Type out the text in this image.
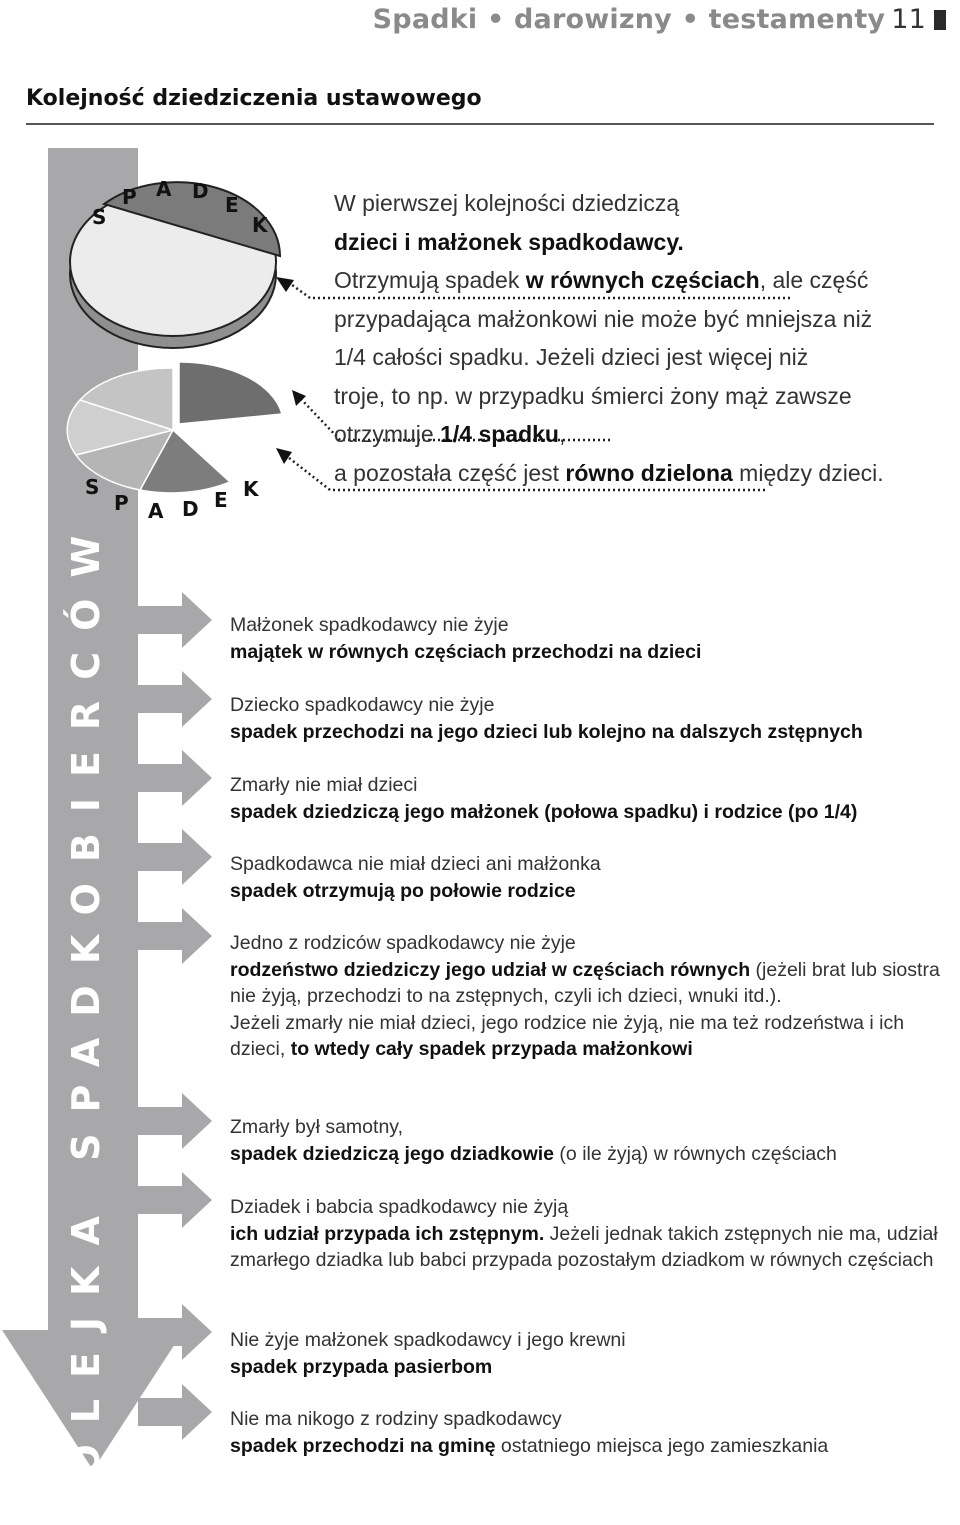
Spadki • darowizny • testamenty 11
Kolejność dziedziczenia ustawowego
S
P A D
E
K
S
P A D E K
KOLEJKA SPADKOBIERCÓW

W pierwszej kolejności dziedziczą

dzieci i małżonek spadkodawcy.

Otrzymują spadek w równych częściach, ale część

przypadająca małżonkowi nie może być mniejsza niż

1/4 całości spadku. Jeżeli dzieci jest więcej niż

troje, to np. w przypadku śmierci żony mąż zawsze

otrzymuje 1/4 spadku,

a pozostała część jest równo dzielona między dzieci.

Małżonek spadkodawcy nie żyje
majątek w równych częściach przechodzi na dzieci
Dziecko spadkodawcy nie żyje
spadek przechodzi na jego dzieci lub kolejno na dalszych zstępnych
Zmarły nie miał dzieci
spadek dziedziczą jego małżonek (połowa spadku) i rodzice (po 1/4)
Spadkodawca nie miał dzieci ani małżonka
spadek otrzymują po połowie rodzice
Jedno z rodziców spadkodawcy nie żyje
rodzeństwo dziedziczy jego udział w częściach równych (jeżeli brat lub siostra nie żyją, przechodzi to na zstępnych, czyli ich dzieci, wnuki itd.).
Jeżeli zmarły nie miał dzieci, jego rodzice nie żyją, nie ma też rodzeństwa i ich dzieci, to wtedy cały spadek przypada małżonkowi
Zmarły był samotny,
spadek dziedziczą jego dziadkowie (o ile żyją) w równych częściach
Dziadek i babcia spadkodawcy nie żyją
ich udział przypada ich zstępnym. Jeżeli jednak takich zstępnych nie ma, udział zmarłego dziadka lub babci przypada pozostałym dziadkom w równych częściach
Nie żyje małżonek spadkodawcy i jego krewni
spadek przypada pasierbom
Nie ma nikogo z rodziny spadkodawcy
spadek przechodzi na gminę ostatniego miejsca jego zamieszkania
